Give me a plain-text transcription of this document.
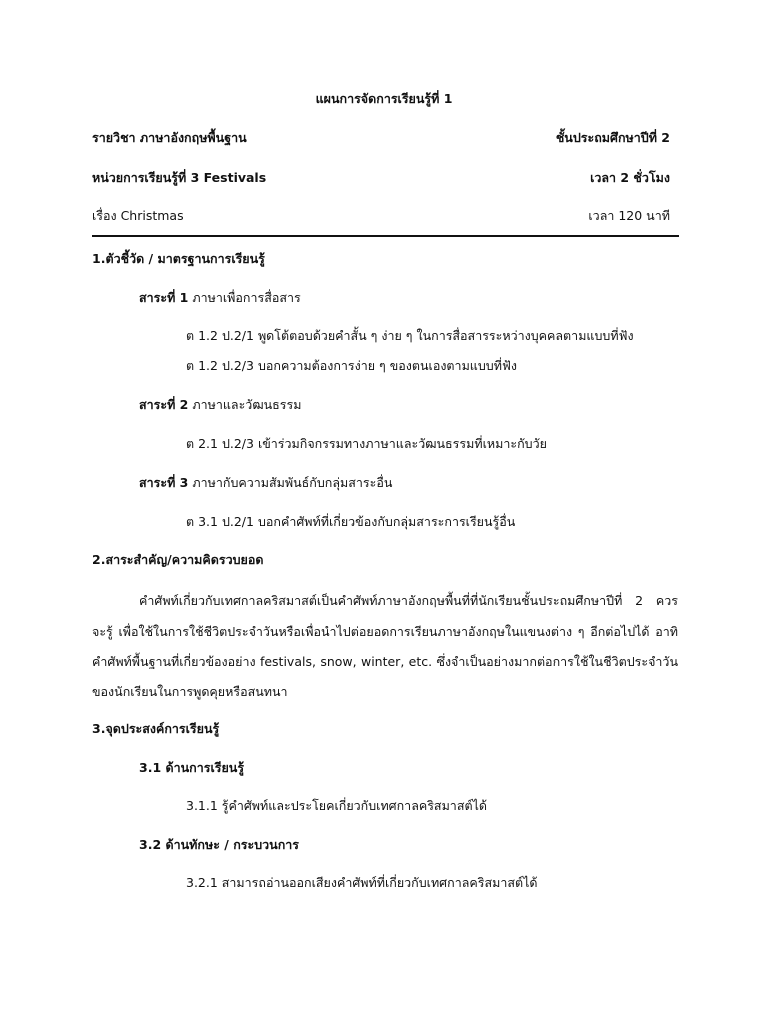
แผนการจัดการเรียนรู้ที่ 1
รายวิชา ภาษาอังกฤษพื้นฐาน	ชั้นประถมศึกษาปีที่ 2
หน่วยการเรียนรู้ที่ 3 Festivals	เวลา 2 ชั่วโมง
เรื่อง Christmas	เวลา 120 นาที
1.ตัวชี้วัด / มาตรฐานการเรียนรู้
สาระที่ 1 ภาษาเพื่อการสื่อสาร
ต 1.2 ป.2/1 พูดโต้ตอบด้วยคำสั้น ๆ ง่าย ๆ ในการสื่อสารระหว่างบุคคลตามแบบที่ฟัง
ต 1.2 ป.2/3 บอกความต้องการง่าย ๆ ของตนเองตามแบบที่ฟัง
สาระที่ 2 ภาษาและวัฒนธรรม
ต 2.1 ป.2/3 เข้าร่วมกิจกรรมทางภาษาและวัฒนธรรมที่เหมาะกับวัย
สาระที่ 3 ภาษากับความสัมพันธ์กับกลุ่มสาระอื่น
ต 3.1 ป.2/1 บอกคำศัพท์ที่เกี่ยวข้องกับกลุ่มสาระการเรียนรู้อื่น
2.สาระสำคัญ/ความคิดรวบยอด
คำศัพท์เกี่ยวกับเทศกาลคริสมาสต์เป็นคำศัพท์ภาษาอังกฤษพื้นที่ที่นักเรียนชั้นประถมศึกษาปีที่ 2 ควร
จะรู้ เพื่อใช้ในการใช้ชีวิตประจำวันหรือเพื่อนำไปต่อยอดการเรียนภาษาอังกฤษในแขนงต่าง ๆ อีกต่อไปได้ อาทิ
คำศัพท์พื้นฐานที่เกี่ยวข้องอย่าง festivals, snow, winter, etc. ซึ่งจำเป็นอย่างมากต่อการใช้ในชีวิตประจำวัน
ของนักเรียนในการพูดคุยหรือสนทนา
3.จุดประสงค์การเรียนรู้
3.1 ด้านการเรียนรู้
3.1.1 รู้คำศัพท์และประโยคเกี่ยวกับเทศกาลคริสมาสต์ได้
3.2 ด้านทักษะ / กระบวนการ
3.2.1 สามารถอ่านออกเสียงคำศัพท์ที่เกี่ยวกับเทศกาลคริสมาสต์ได้
